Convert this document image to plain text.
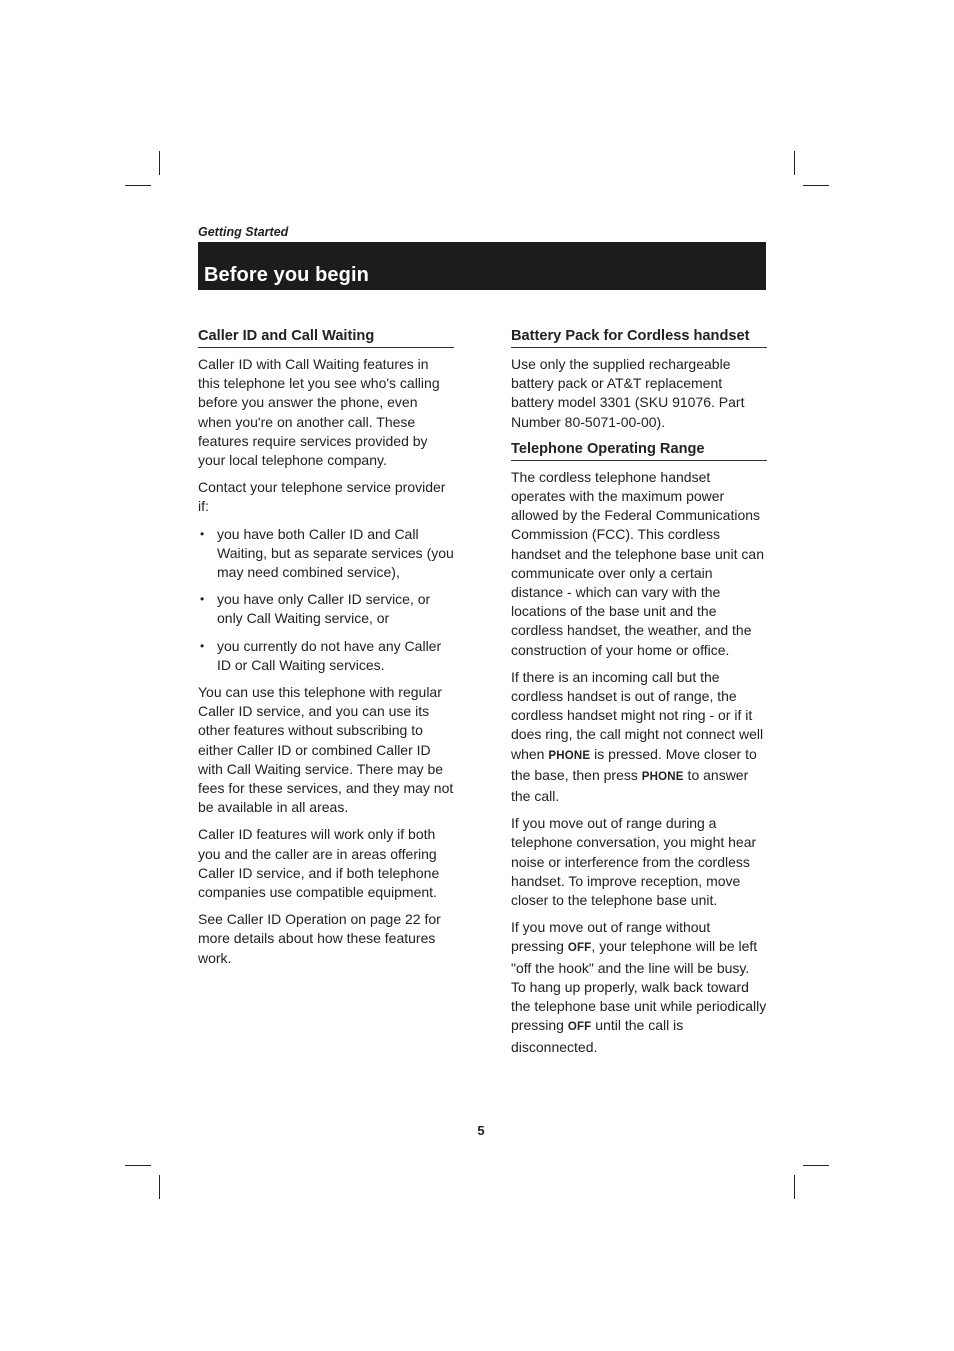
Getting Started
Before you begin
Caller ID and Call Waiting

Caller ID with Call Waiting features in this telephone let you see who's calling before you answer the phone, even when you're on another call. These features require services provided by your local telephone company.

Contact your telephone service provider if:

• you have both Caller ID and Call Waiting, but as separate services (you may need combined service),
• you have only Caller ID service, or only Call Waiting service, or
• you currently do not have any Caller ID or Call Waiting services.

You can use this telephone with regular Caller ID service, and you can use its other features without subscribing to either Caller ID or combined Caller ID with Call Waiting service. There may be fees for these services, and they may not be available in all areas.

Caller ID features will work only if both you and the caller are in areas offering Caller ID service, and if both telephone companies use compatible equipment.

See Caller ID Operation on page 22 for more details about how these features work.

Battery Pack for Cordless handset

Use only the supplied rechargeable battery pack or AT&T replacement battery model 3301 (SKU 91076. Part Number 80-5071-00-00).

Telephone Operating Range

The cordless telephone handset operates with the maximum power allowed by the Federal Communications Commission (FCC). This cordless handset and the telephone base unit can communicate over only a certain distance - which can vary with the locations of the base unit and the cordless handset, the weather, and the construction of your home or office.

If there is an incoming call but the cordless handset is out of range, the cordless handset might not ring - or if it does ring, the call might not connect well when PHONE is pressed. Move closer to the base, then press PHONE to answer the call.

If you move out of range during a telephone conversation, you might hear noise or interference from the cordless handset. To improve reception, move closer to the telephone base unit.

If you move out of range without pressing OFF, your telephone will be left "off the hook" and the line will be busy. To hang up properly, walk back toward the telephone base unit while periodically pressing OFF until the call is disconnected.

5
